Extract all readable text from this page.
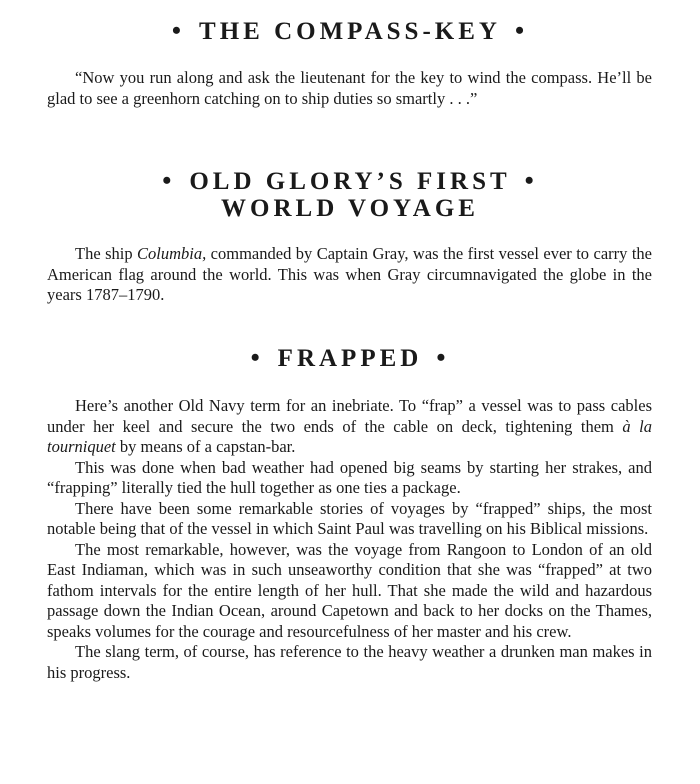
• THE COMPASS-KEY •

“Now you run along and ask the lieutenant for the key to wind the compass. He’ll be glad to see a greenhorn catching on to ship duties so smartly . . .”

• OLD GLORY’S FIRST •
WORLD VOYAGE

The ship Columbia, commanded by Captain Gray, was the first vessel ever to carry the American flag around the world. This was when Gray circumnavigated the globe in the years 1787–1790.

• FRAPPED •

Here’s another Old Navy term for an inebriate. To “frap” a vessel was to pass cables under her keel and secure the two ends of the cable on deck, tightening them à la tourniquet by means of a capstan-bar.

This was done when bad weather had opened big seams by starting her strakes, and “frapping” literally tied the hull together as one ties a package.

There have been some remarkable stories of voyages by “frapped” ships, the most notable being that of the vessel in which Saint Paul was travelling on his Biblical missions.

The most remarkable, however, was the voyage from Rangoon to London of an old East Indiaman, which was in such unseaworthy condition that she was “frapped” at two fathom intervals for the entire length of her hull. That she made the wild and hazardous passage down the Indian Ocean, around Capetown and back to her docks on the Thames, speaks volumes for the courage and resourcefulness of her master and his crew.

The slang term, of course, has reference to the heavy weather a drunken man makes in his progress.
